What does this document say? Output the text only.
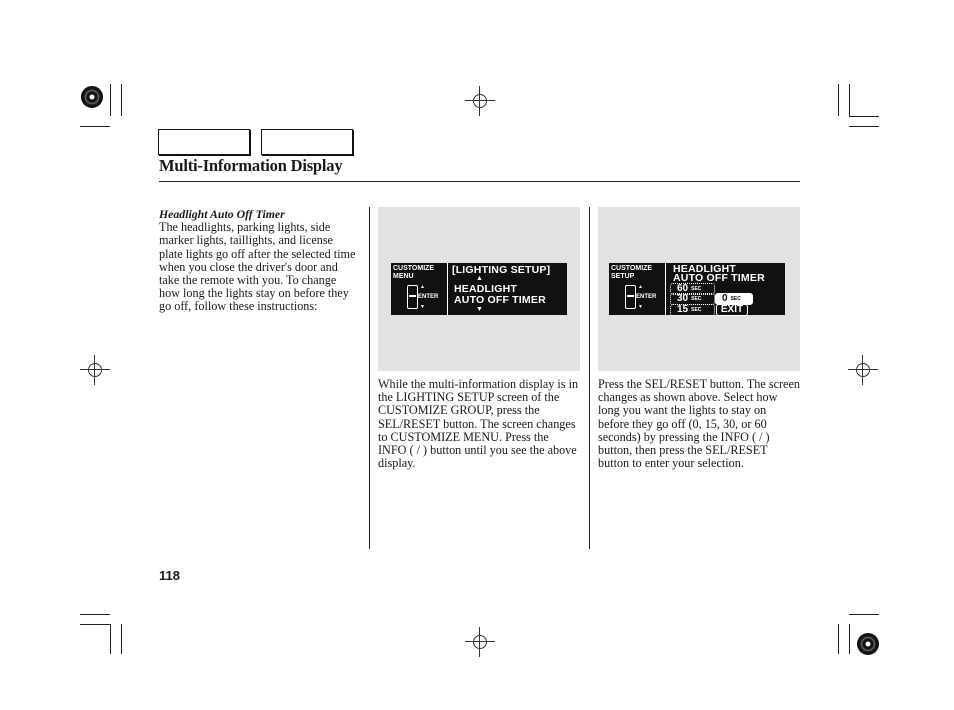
Multi-Information Display
Headlight Auto Off Timer
The headlights, parking lights, side marker lights, taillights, and license plate lights go off after the selected time when you close the driver's door and take the remote with you. To change how long the lights stay on before they go off, follow these instructions:
CUSTOMIZE
MENU
▲
ENTER
▼
[LIGHTING SETUP]
▲
HEADLIGHT
AUTO OFF TIMER
▼
While the multi-information display is in the LIGHTING SETUP screen of the CUSTOMIZE GROUP, press the SEL/RESET button. The screen changes to CUSTOMIZE MENU. Press the INFO ( / ) button until you see the above display.
CUSTOMIZE
SETUP
▲
ENTER
▼
HEADLIGHT
AUTO OFF TIMER
60 SEC
30 SEC
15 SEC
0 SEC
EXIT
Press the SEL/RESET button. The screen changes as shown above. Select how long you want the lights to stay on before they go off (0, 15, 30, or 60 seconds) by pressing the INFO ( / ) button, then press the SEL/RESET button to enter your selection.
118
